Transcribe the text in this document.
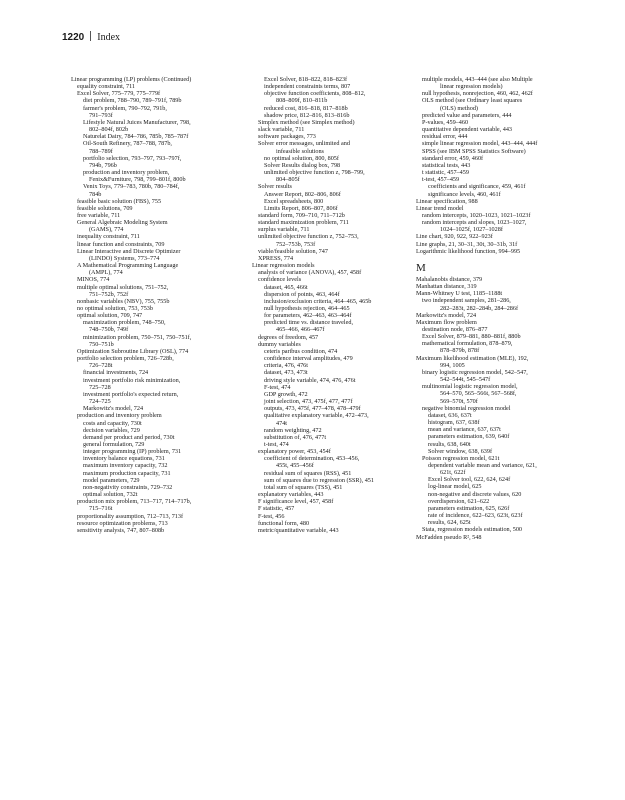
1220 Index
Linear programming (LP) problems (Continued)
equality constraint, 711
Excel Solver, 775–779, 775–779f
diet problem, 788–790, 789–791f, 789b
farmer's problem, 790–792, 791b,
791–793f
Lifestyle Natural Juices Manufacturer, 798,
802–804f, 802b
Naturelat Dairy, 784–786, 785b, 785–787f
Oil-South Refinery, 787–788, 787b,
788–789f
portfolio selection, 793–797, 793–797f,
794b, 796b
production and inventory problem,
Fenix&Furniture, 798, 799–801f, 800b
Venix Toys, 779–783, 780b, 780–784f,
784b
feasible basic solution (FBS), 755
feasible solutions, 709
free variable, 711
General Algebraic Modeling System
(GAMS), 774
inequality constraint, 711
linear function and constraints, 709
Linear Interactive and Discrete Optimizer
(LINDO) Systems, 773–774
A Mathematical Programming Language
(AMPL), 774
MINOS, 774
multiple optimal solutions, 751–752,
751–752b, 752f
nonbasic variables (NBV), 755, 755b
no optimal solution, 753, 753b
optimal solution, 709, 747
maximization problem, 748–750,
748–750b, 749f
minimization problem, 750–751, 750–751f,
750–751b
Optimization Subroutine Library (OSL), 774
portfolio selection problem, 726–728b,
726–728t
financial investments, 724
investment portfolio risk minimization,
725–728
investment portfolio's expected return,
724–725
Markowitz's model, 724
production and inventory problem
costs and capacity, 730t
decision variables, 729
demand per product and period, 730t
general formulation, 729
integer programming (IP) problem, 731
inventory balance equations, 731
maximum inventory capacity, 732
maximum production capacity, 731
model parameters, 729
non-negativity constraints, 729–732
optimal solution, 732t
production mix problem, 713–717, 714–717b,
715–716t
proportionality assumption, 712–713, 713f
resource optimization problems, 713
sensitivity analysis, 747, 807–808b
Excel Solver, 818–822, 818–823f
independent constraints terms, 807
objective function coefficients, 808–812,
808–809f, 810–811b
reduced cost, 816–818, 817–818b
shadow price, 812–816, 813–816b
Simplex method (see Simplex method)
slack variable, 711
software packages, 773
Solver error messages, unlimited and
infeasible solutions
no optimal solution, 800, 805f
Solver Results dialog box, 798
unlimited objective function z, 798–799,
804–805f
Solver results
Answer Report, 802–806, 806f
Excel spreadsheets, 800
Limits Report, 806–807, 806f
standard form, 709–710, 711–712b
standard maximization problem, 711
surplus variable, 711
unlimited objective function z, 752–753,
752–753b, 753f
viable/feasible solution, 747
XPRESS, 774
Linear regression models
analysis of variance (ANOVA), 457, 458f
confidence levels
dataset, 465, 466t
dispersion of points, 463, 464f
inclusion/exclusion criteria, 464–465, 465b
null hypothesis rejection, 464–465
for parameters, 462–463, 463–464f
predicted time vs. distance traveled,
465–466, 466–467f
degrees of freedom, 457
dummy variables
ceteris paribus condition, 474
confidence interval amplitudes, 479
criteria, 476, 476t
dataset, 473, 473t
driving style variable, 474, 476, 476t
F-test, 474
GDP growth, 472
joint selection, 473, 475f, 477, 477f
outputs, 473, 475f, 477–478, 478–479f
qualitative explanatory variable, 472–473,
474t
random weighting, 472
substitution of, 476, 477t
t-test, 474
explanatory power, 453, 454f
coefficient of determination, 453–456,
455t, 455–456f
residual sum of squares (RSS), 451
sum of squares due to regression (SSR), 451
total sum of squares (TSS), 451
explanatory variables, 443
F significance level, 457, 458f
F statistic, 457
F-test, 456
functional form, 480
metric/quantitative variable, 443
multiple models, 443–444 (see also Multiple
linear regression models)
null hypothesis, nonrejection, 460, 462, 462f
OLS method (see Ordinary least squares
(OLS) method)
predicted value and parameters, 444
P-values, 459–460
quantitative dependent variable, 443
residual error, 444
simple linear regression model, 443–444, 444f
SPSS (see IBM SPSS Statistics Software)
standard error, 459, 460f
statistical tests, 443
t statistic, 457–459
t-test, 457–459
coefficients and significance, 459, 461f
significance levels, 460, 461f
Linear specification, 988
Linear trend model
random intercepts, 1020–1023, 1021–1023f
random intercepts and slopes, 1023–1027,
1024–1025f, 1027–1028f
Line chart, 920, 922, 922–923f
Line graphs, 21, 30–31, 30t, 30–31b, 31f
Logarithmic likelihood function, 994–995
M
Mahalanobis distance, 379
Manhattan distance, 319
Mann-Whitney U test, 1185–1188t
two independent samples, 281–286,
282–283t, 282–284b, 284–286f
Markowitz's model, 724
Maximum flow problem
destination node, 876–877
Excel Solver, 879–881, 880–881f, 880b
mathematical formulation, 878–879,
878–879b, 878f
Maximum likelihood estimation (MLE), 192,
994, 1005
binary logistic regression model, 542–547,
542–544t, 545–547f
multinomial logistic regression model,
564–570, 565–566t, 567–568f,
569–570t, 570f
negative binomial regression model
dataset, 636, 637t
histogram, 637, 638f
mean and variance, 637, 637t
parameters estimation, 639, 640f
results, 638, 640t
Solver window, 638, 639f
Poisson regression model, 621t
dependent variable mean and variance, 621,
621t, 622f
Excel Solver tool, 622, 624, 624f
log-linear model, 625
non-negative and discrete values, 620
overdispersion, 621–622
parameters estimation, 625, 626f
rate of incidence, 622–623, 623t, 623f
results, 624, 625t
Stata, regression models estimation, 500
McFadden pseudo R², 548
